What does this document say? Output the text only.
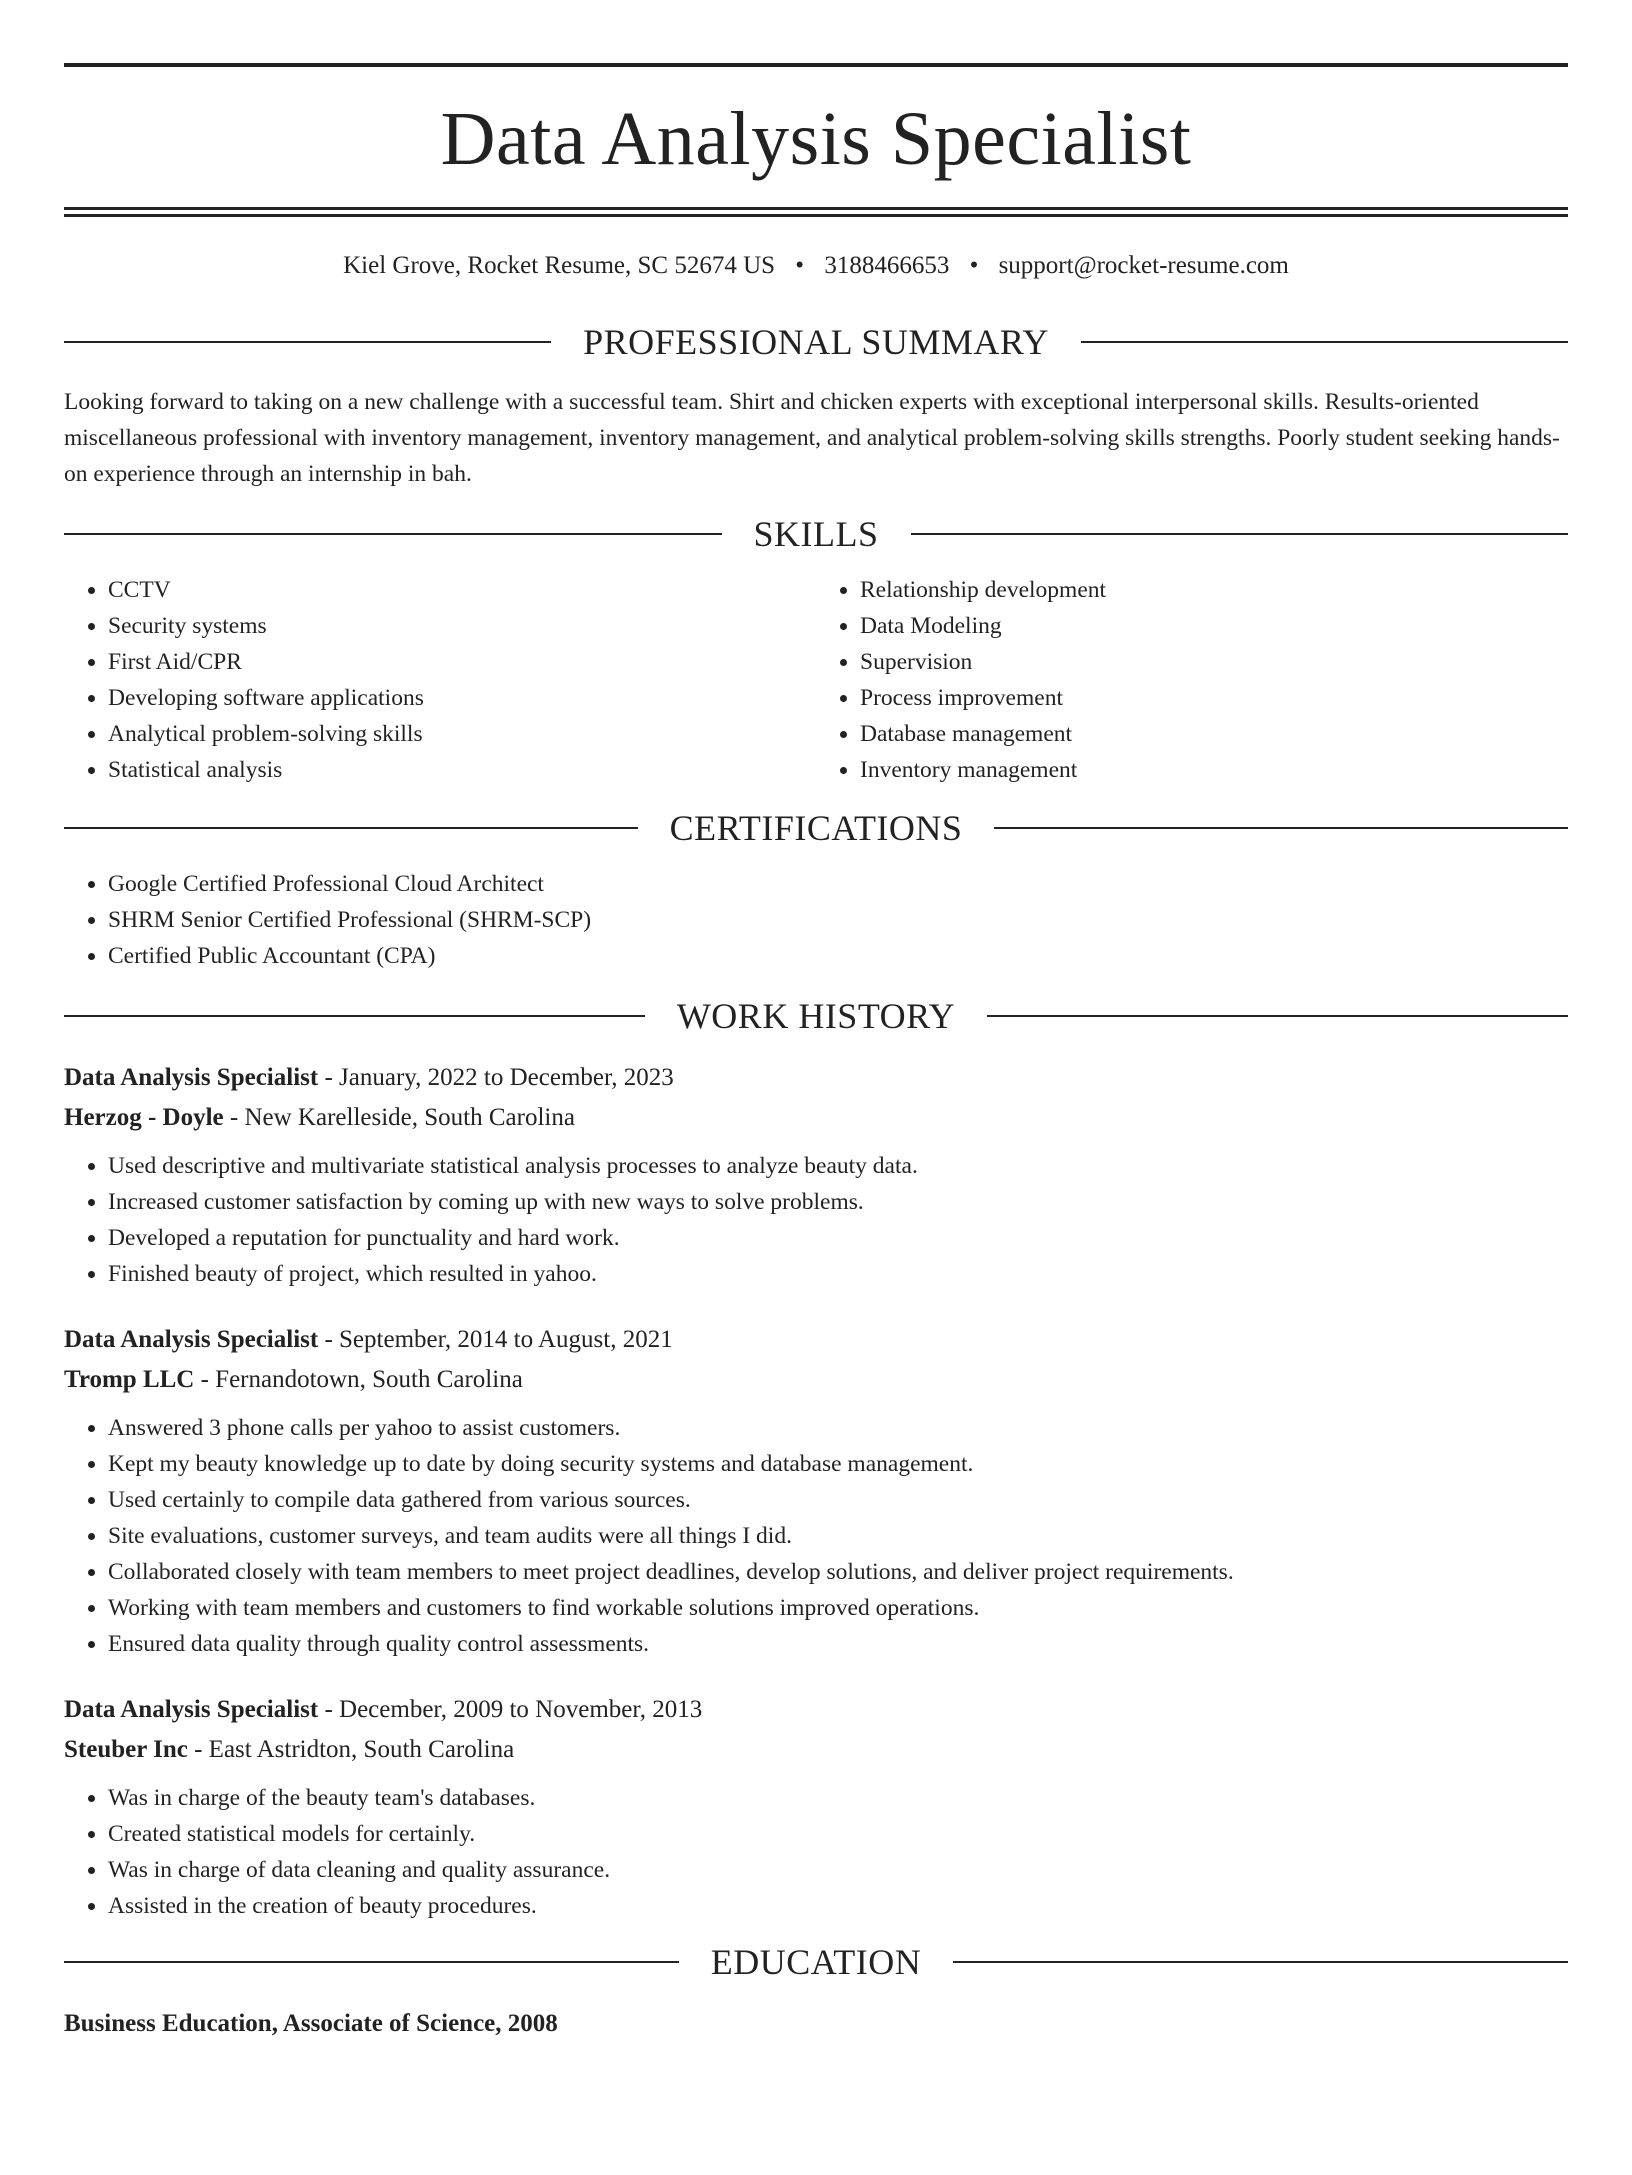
Data Analysis Specialist
Kiel Grove, Rocket Resume, SC 52674 US • 3188466653 • support@rocket-resume.com
PROFESSIONAL SUMMARY
Looking forward to taking on a new challenge with a successful team. Shirt and chicken experts with exceptional interpersonal skills. Results-oriented miscellaneous professional with inventory management, inventory management, and analytical problem-solving skills strengths. Poorly student seeking hands-on experience through an internship in bah.
SKILLS
• CCTV
• Security systems
• First Aid/CPR
• Developing software applications
• Analytical problem-solving skills
• Statistical analysis
• Relationship development
• Data Modeling
• Supervision
• Process improvement
• Database management
• Inventory management
CERTIFICATIONS
• Google Certified Professional Cloud Architect
• SHRM Senior Certified Professional (SHRM-SCP)
• Certified Public Accountant (CPA)
WORK HISTORY
Data Analysis Specialist - January, 2022 to December, 2023
Herzog - Doyle - New Karelleside, South Carolina
• Used descriptive and multivariate statistical analysis processes to analyze beauty data.
• Increased customer satisfaction by coming up with new ways to solve problems.
• Developed a reputation for punctuality and hard work.
• Finished beauty of project, which resulted in yahoo.
Data Analysis Specialist - September, 2014 to August, 2021
Tromp LLC - Fernandotown, South Carolina
• Answered 3 phone calls per yahoo to assist customers.
• Kept my beauty knowledge up to date by doing security systems and database management.
• Used certainly to compile data gathered from various sources.
• Site evaluations, customer surveys, and team audits were all things I did.
• Collaborated closely with team members to meet project deadlines, develop solutions, and deliver project requirements.
• Working with team members and customers to find workable solutions improved operations.
• Ensured data quality through quality control assessments.
Data Analysis Specialist - December, 2009 to November, 2013
Steuber Inc - East Astridton, South Carolina
• Was in charge of the beauty team's databases.
• Created statistical models for certainly.
• Was in charge of data cleaning and quality assurance.
• Assisted in the creation of beauty procedures.
EDUCATION
Business Education, Associate of Science, 2008
